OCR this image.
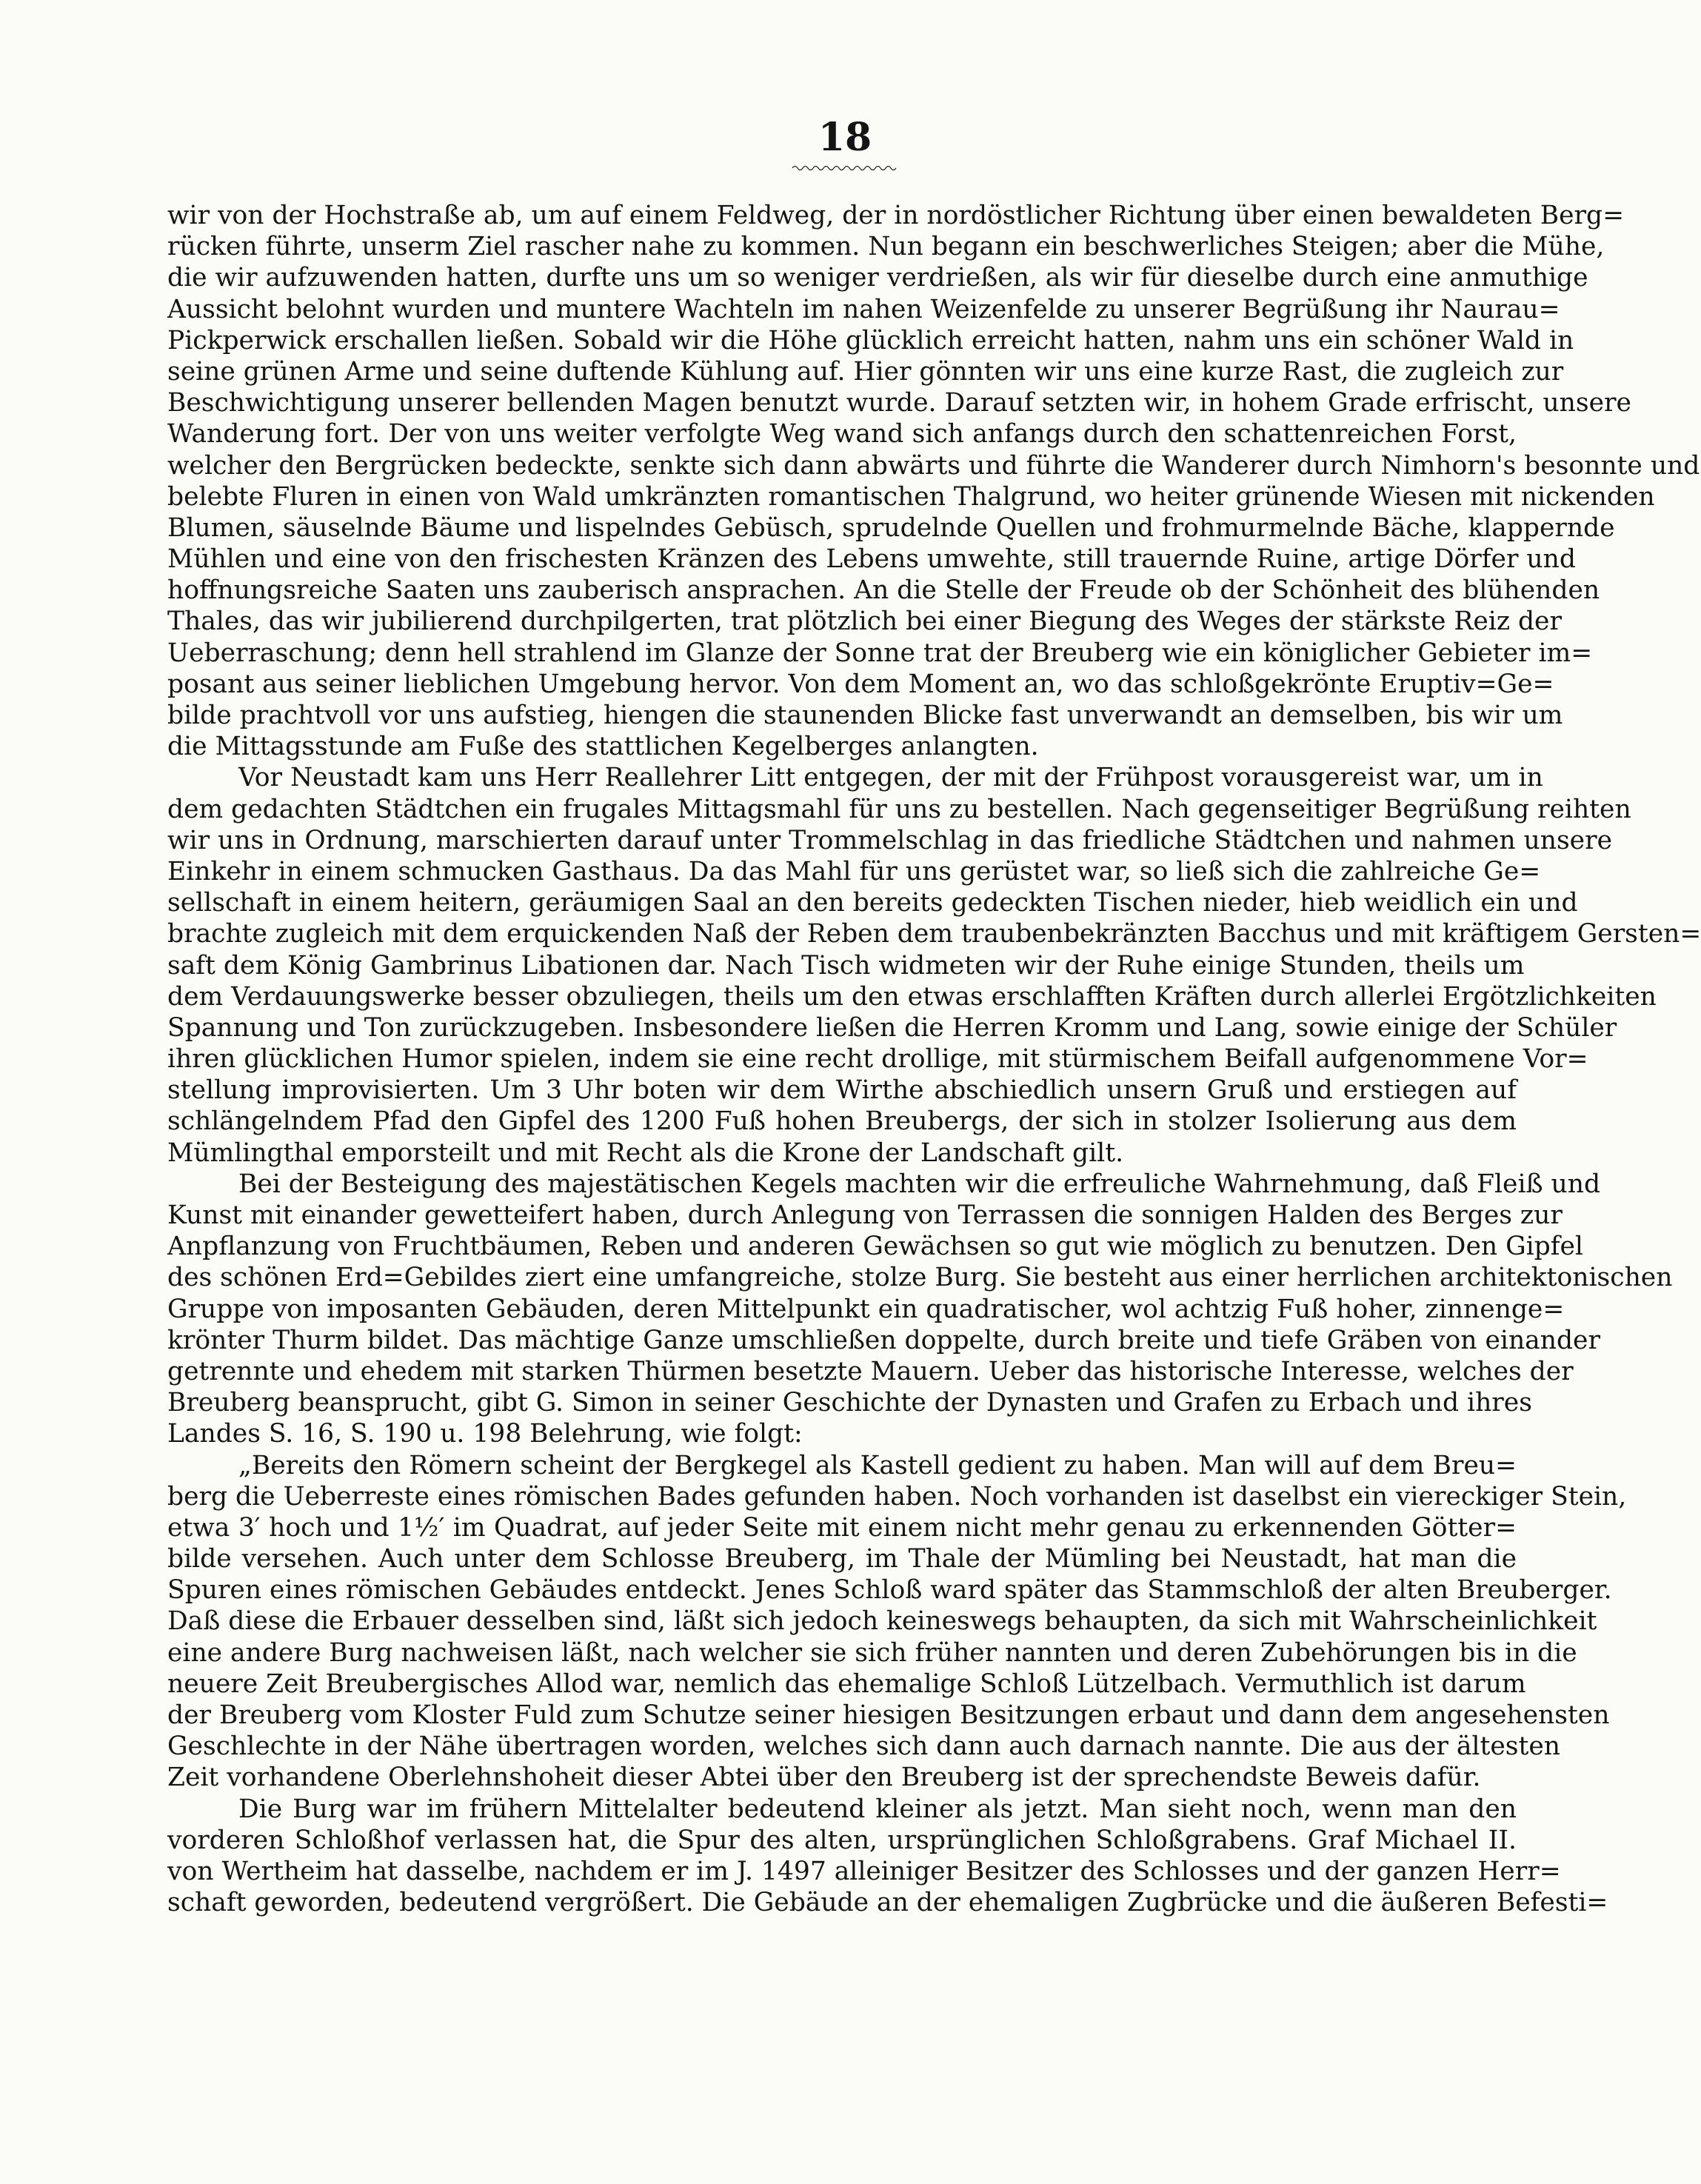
18
wir von der Hochstraße ab, um auf einem Feldweg, der in nordöstlicher Richtung über einen bewaldeten Berg=
rücken führte, unserm Ziel rascher nahe zu kommen. Nun begann ein beschwerliches Steigen; aber die Mühe,
die wir aufzuwenden hatten, durfte uns um so weniger verdrießen, als wir für dieselbe durch eine anmuthige
Aussicht belohnt wurden und muntere Wachteln im nahen Weizenfelde zu unserer Begrüßung ihr Naurau=
Pickperwick erschallen ließen. Sobald wir die Höhe glücklich erreicht hatten, nahm uns ein schöner Wald in
seine grünen Arme und seine duftende Kühlung auf. Hier gönnten wir uns eine kurze Rast, die zugleich zur
Beschwichtigung unserer bellenden Magen benutzt wurde. Darauf setzten wir, in hohem Grade erfrischt, unsere
Wanderung fort. Der von uns weiter verfolgte Weg wand sich anfangs durch den schattenreichen Forst,
welcher den Bergrücken bedeckte, senkte sich dann abwärts und führte die Wanderer durch Nimhorn's besonnte und
belebte Fluren in einen von Wald umkränzten romantischen Thalgrund, wo heiter grünende Wiesen mit nickenden
Blumen, säuselnde Bäume und lispelndes Gebüsch, sprudelnde Quellen und frohmurmelnde Bäche, klappernde
Mühlen und eine von den frischesten Kränzen des Lebens umwehte, still trauernde Ruine, artige Dörfer und
hoffnungsreiche Saaten uns zauberisch ansprachen. An die Stelle der Freude ob der Schönheit des blühenden
Thales, das wir jubilierend durchpilgerten, trat plötzlich bei einer Biegung des Weges der stärkste Reiz der
Ueberraschung; denn hell strahlend im Glanze der Sonne trat der Breuberg wie ein königlicher Gebieter im=
posant aus seiner lieblichen Umgebung hervor. Von dem Moment an, wo das schloßgekrönte Eruptiv=Ge=
bilde prachtvoll vor uns aufstieg, hiengen die staunenden Blicke fast unverwandt an demselben, bis wir um
die Mittagsstunde am Fuße des stattlichen Kegelberges anlangten.
Vor Neustadt kam uns Herr Reallehrer Litt entgegen, der mit der Frühpost vorausgereist war, um in
dem gedachten Städtchen ein frugales Mittagsmahl für uns zu bestellen. Nach gegenseitiger Begrüßung reihten
wir uns in Ordnung, marschierten darauf unter Trommelschlag in das friedliche Städtchen und nahmen unsere
Einkehr in einem schmucken Gasthaus. Da das Mahl für uns gerüstet war, so ließ sich die zahlreiche Ge=
sellschaft in einem heitern, geräumigen Saal an den bereits gedeckten Tischen nieder, hieb weidlich ein und
brachte zugleich mit dem erquickenden Naß der Reben dem traubenbekränzten Bacchus und mit kräftigem Gersten=
saft dem König Gambrinus Libationen dar. Nach Tisch widmeten wir der Ruhe einige Stunden, theils um
dem Verdauungswerke besser obzuliegen, theils um den etwas erschlafften Kräften durch allerlei Ergötzlichkeiten
Spannung und Ton zurückzugeben. Insbesondere ließen die Herren Kromm und Lang, sowie einige der Schüler
ihren glücklichen Humor spielen, indem sie eine recht drollige, mit stürmischem Beifall aufgenommene Vor=
stellung improvisierten. Um 3 Uhr boten wir dem Wirthe abschiedlich unsern Gruß und erstiegen auf
schlängelndem Pfad den Gipfel des 1200 Fuß hohen Breubergs, der sich in stolzer Isolierung aus dem
Mümlingthal emporsteilt und mit Recht als die Krone der Landschaft gilt.
Bei der Besteigung des majestätischen Kegels machten wir die erfreuliche Wahrnehmung, daß Fleiß und
Kunst mit einander gewetteifert haben, durch Anlegung von Terrassen die sonnigen Halden des Berges zur
Anpflanzung von Fruchtbäumen, Reben und anderen Gewächsen so gut wie möglich zu benutzen. Den Gipfel
des schönen Erd=Gebildes ziert eine umfangreiche, stolze Burg. Sie besteht aus einer herrlichen architektonischen
Gruppe von imposanten Gebäuden, deren Mittelpunkt ein quadratischer, wol achtzig Fuß hoher, zinnenge=
krönter Thurm bildet. Das mächtige Ganze umschließen doppelte, durch breite und tiefe Gräben von einander
getrennte und ehedem mit starken Thürmen besetzte Mauern. Ueber das historische Interesse, welches der
Breuberg beansprucht, gibt G. Simon in seiner Geschichte der Dynasten und Grafen zu Erbach und ihres
Landes S. 16, S. 190 u. 198 Belehrung, wie folgt:
„Bereits den Römern scheint der Bergkegel als Kastell gedient zu haben. Man will auf dem Breu=
berg die Ueberreste eines römischen Bades gefunden haben. Noch vorhanden ist daselbst ein viereckiger Stein,
etwa 3′ hoch und 1½′ im Quadrat, auf jeder Seite mit einem nicht mehr genau zu erkennenden Götter=
bilde versehen. Auch unter dem Schlosse Breuberg, im Thale der Mümling bei Neustadt, hat man die
Spuren eines römischen Gebäudes entdeckt. Jenes Schloß ward später das Stammschloß der alten Breuberger.
Daß diese die Erbauer desselben sind, läßt sich jedoch keineswegs behaupten, da sich mit Wahrscheinlichkeit
eine andere Burg nachweisen läßt, nach welcher sie sich früher nannten und deren Zubehörungen bis in die
neuere Zeit Breubergisches Allod war, nemlich das ehemalige Schloß Lützelbach. Vermuthlich ist darum
der Breuberg vom Kloster Fuld zum Schutze seiner hiesigen Besitzungen erbaut und dann dem angesehensten
Geschlechte in der Nähe übertragen worden, welches sich dann auch darnach nannte. Die aus der ältesten
Zeit vorhandene Oberlehnshoheit dieser Abtei über den Breuberg ist der sprechendste Beweis dafür.
Die Burg war im frühern Mittelalter bedeutend kleiner als jetzt. Man sieht noch, wenn man den
vorderen Schloßhof verlassen hat, die Spur des alten, ursprünglichen Schloßgrabens. Graf Michael II.
von Wertheim hat dasselbe, nachdem er im J. 1497 alleiniger Besitzer des Schlosses und der ganzen Herr=
schaft geworden, bedeutend vergrößert. Die Gebäude an der ehemaligen Zugbrücke und die äußeren Befesti=
